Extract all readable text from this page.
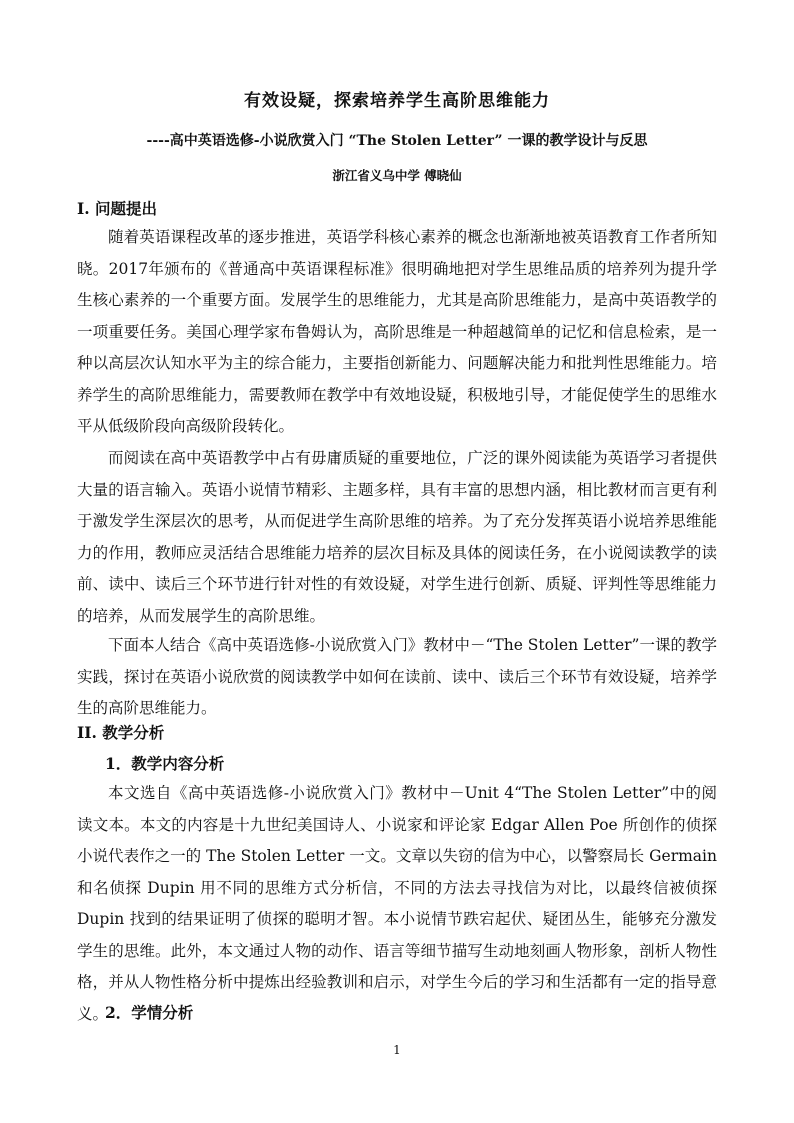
有效设疑，探索培养学生高阶思维能力
----高中英语选修-小说欣赏入门 “The Stolen Letter” 一课的教学设计与反思
浙江省义乌中学 傅晓仙
I. 问题提出

随着英语课程改革的逐步推进，英语学科核心素养的概念也渐渐地被英语教育工作者所知晓。2017年颁布的《普通高中英语课程标准》很明确地把对学生思维品质的培养列为提升学生核心素养的一个重要方面。发展学生的思维能力，尤其是高阶思维能力，是高中英语教学的一项重要任务。美国心理学家布鲁姆认为，高阶思维是一种超越简单的记忆和信息检索，是一种以高层次认知水平为主的综合能力，主要指创新能力、问题解决能力和批判性思维能力。培养学生的高阶思维能力，需要教师在教学中有效地设疑，积极地引导，才能促使学生的思维水平从低级阶段向高级阶段转化。

而阅读在高中英语教学中占有毋庸质疑的重要地位，广泛的课外阅读能为英语学习者提供大量的语言输入。英语小说情节精彩、主题多样，具有丰富的思想内涵，相比教材而言更有利于激发学生深层次的思考，从而促进学生高阶思维的培养。为了充分发挥英语小说培养思维能力的作用，教师应灵活结合思维能力培养的层次目标及具体的阅读任务，在小说阅读教学的读前、读中、读后三个环节进行针对性的有效设疑，对学生进行创新、质疑、评判性等思维能力的培养，从而发展学生的高阶思维。

下面本人结合《高中英语选修-小说欣赏入门》教材中－“The Stolen Letter”一课的教学实践，探讨在英语小说欣赏的阅读教学中如何在读前、读中、读后三个环节有效设疑，培养学生的高阶思维能力。

II. 教学分析
1．教学内容分析

本文选自《高中英语选修-小说欣赏入门》教材中－Unit 4“The Stolen Letter”中的阅读文本。本文的内容是十九世纪美国诗人、小说家和评论家 Edgar Allen Poe 所创作的侦探小说代表作之一的 The Stolen Letter 一文。文章以失窃的信为中心，以警察局长 Germain 和名侦探 Dupin 用不同的思维方式分析信，不同的方法去寻找信为对比，以最终信被侦探 Dupin 找到的结果证明了侦探的聪明才智。本小说情节跌宕起伏、疑团丛生，能够充分激发学生的思维。此外，本文通过人物的动作、语言等细节描写生动地刻画人物形象，剖析人物性格，并从人物性格分析中提炼出经验教训和启示，对学生今后的学习和生活都有一定的指导意义。

2．学情分析
1
